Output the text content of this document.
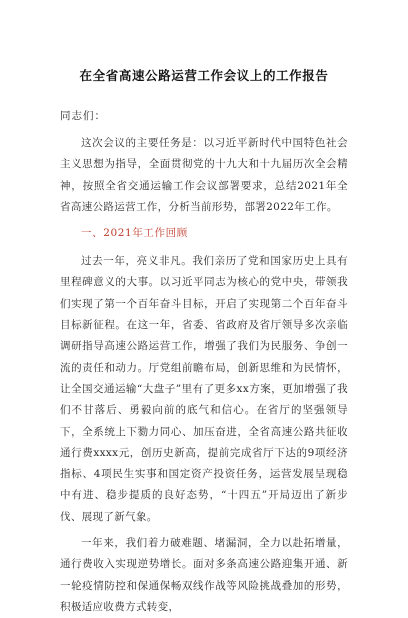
在全省高速公路运营工作会议上的工作报告
同志们：

这次会议的主要任务是：以习近平新时代中国特色社会主义思想为指导，全面贯彻党的十九大和十九届历次全会精神，按照全省交通运输工作会议部署要求，总结2021年全省高速公路运营工作，分析当前形势，部署2022年工作。

一、2021年工作回顾

过去一年，亮义非凡。我们亲历了党和国家历史上具有里程碑意义的大事。以习近平同志为核心的党中央，带领我们实现了第一个百年奋斗目标，开启了实现第二个百年奋斗目标新征程。在这一年，省委、省政府及省厅领导多次亲临调研指导高速公路运营工作，增强了我们为民服务、争创一流的责任和动力。厅党组前瞻布局，创新思维和为民情怀，让全国交通运输“大盘子”里有了更多xx方案，更加增强了我们不甘落后、勇毅向前的底气和信心。在省厅的坚强领导下，全系统上下勠力同心、加压奋进，全省高速公路共征收通行费xxxx元，创历史新高，提前完成省厅下达的9项经济指标、4项民生实事和国定资产投资任务，运营发展呈现稳中有进、稳步提质的良好态势，“十四五”开局迈出了新步伐、展现了新气象。

一年来，我们着力破难题、堵漏洞，全力以赴拓增量，通行费收入实现逆势增长。面对多条高速公路迎集开通、新一轮疫情防控和保通保畅双线作战等风险挑战叠加的形势，积极适应收费方式转变，
